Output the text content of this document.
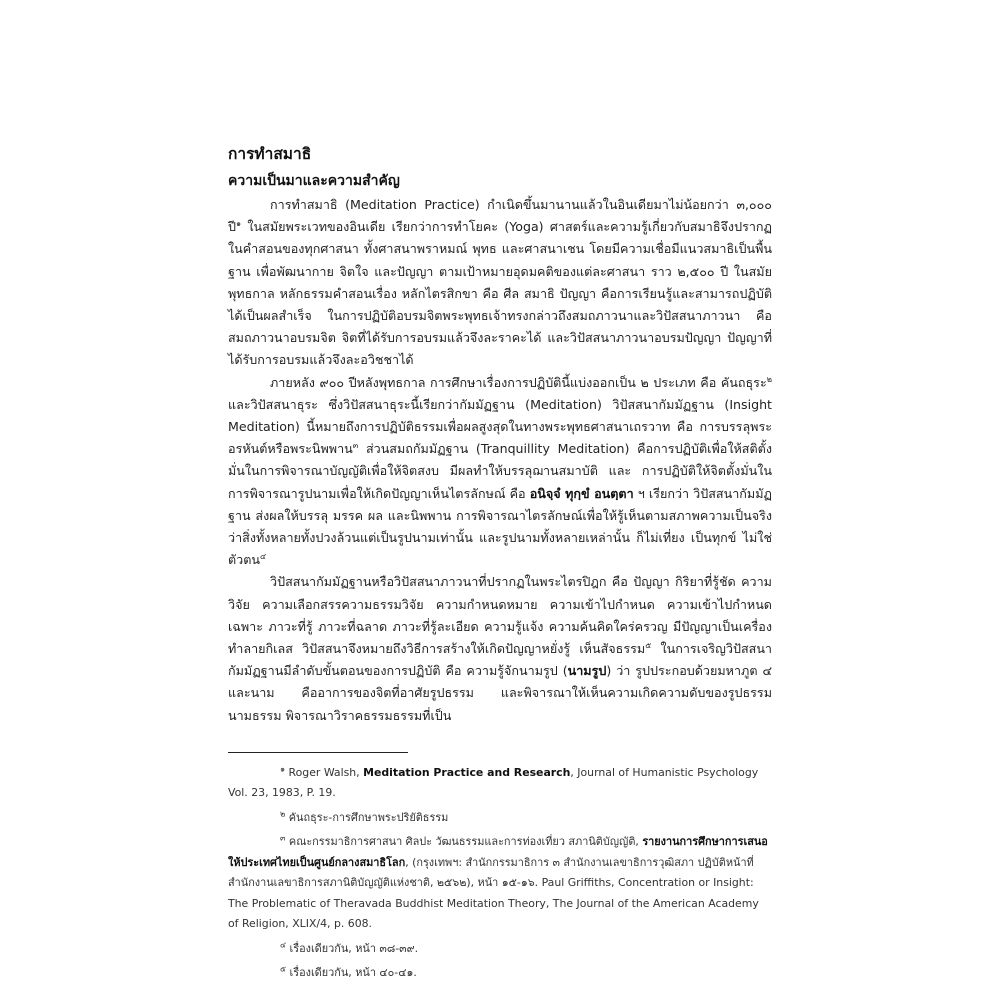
การทำสมาธิ
ความเป็นมาและความสำคัญ

การทำสมาธิ (Meditation Practice) กำเนิดขึ้นมานานแล้วในอินเดียมาไม่น้อยกว่า ๓,๐๐๐ ปี$^๑$ ในสมัยพระเวทของอินเดีย เรียกว่าการทำโยคะ (Yoga) ศาสตร์และความรู้เกี่ยวกับสมาธิจึงปรากฏในคำสอนของทุกศาสนา ทั้งศาสนาพราหมณ์ พุทธ และศาสนาเชน โดยมีความเชื่อมีแนวสมาธิเป็นพื้นฐาน เพื่อพัฒนากาย จิตใจ และปัญญา ตามเป้าหมายอุดมคติของแต่ละศาสนา ราว ๒,๕๐๐ ปี ในสมัยพุทธกาล หลักธรรมคำสอนเรื่อง หลักไตรสิกขา คือ ศีล สมาธิ ปัญญา คือการเรียนรู้และสามารถปฏิบัติได้เป็นผลสำเร็จ ในการปฏิบัติอบรมจิตพระพุทธเจ้าทรงกล่าวถึงสมถภาวนาและวิปัสสนาภาวนา คือ สมถภาวนาอบรมจิต จิตที่ได้รับการอบรมแล้วจึงละราคะได้ และวิปัสสนาภาวนาอบรมปัญญา ปัญญาที่ได้รับการอบรมแล้วจึงละอวิชชาได้

ภายหลัง ๙๐๐ ปีหลังพุทธกาล การศึกษาเรื่องการปฏิบัตินี้แบ่งออกเป็น ๒ ประเภท คือ คันถธุระ$^๒$ และวิปัสสนาธุระ ซึ่งวิปัสสนาธุระนี้เรียกว่ากัมมัฏฐาน (Meditation) วิปัสสนากัมมัฏฐาน (Insight Meditation) นี้หมายถึงการปฏิบัติธรรมเพื่อผลสูงสุดในทางพระพุทธศาสนาเถรวาท คือ การบรรลุพระอรหันต์หรือพระนิพพาน$^๓$ ส่วนสมถกัมมัฏฐาน (Tranquillity Meditation) คือการปฏิบัติเพื่อให้สติตั้งมั่นในการพิจารณาบัญญัติเพื่อให้จิตสงบ มีผลทำให้บรรลุฌานสมาบัติ และ การปฏิบัติให้จิตตั้งมั่นในการพิจารณารูปนามเพื่อให้เกิดปัญญาเห็นไตรลักษณ์ คือ อนิจฺจํ ทุกฺขํ อนตฺตา ฯ เรียกว่า วิปัสสนากัมมัฏฐาน ส่งผลให้บรรลุ มรรค ผล และนิพพาน การพิจารณาไตรลักษณ์เพื่อให้รู้เห็นตามสภาพความเป็นจริงว่าสิ่งทั้งหลายทั้งปวงล้วนแต่เป็นรูปนามเท่านั้น และรูปนามทั้งหลายเหล่านั้น ก็ไม่เที่ยง เป็นทุกข์ ไม่ใช่ตัวตน$^๔$

วิปัสสนากัมมัฏฐานหรือวิปัสสนาภาวนาที่ปรากฏในพระไตรปิฎก คือ ปัญญา กิริยาที่รู้ชัด ความวิจัย ความเลือกสรรความธรรมวิจัย ความกำหนดหมาย ความเข้าไปกำหนด ความเข้าไปกำหนดเฉพาะ ภาวะที่รู้ ภาวะที่ฉลาด ภาวะที่รู้ละเอียด ความรู้แจ้ง ความค้นคิดใคร่ครวญ มีปัญญาเป็นเครื่องทำลายกิเลส วิปัสสนาจึงหมายถึงวิธีการสร้างให้เกิดปัญญาหยั่งรู้ เห็นสัจธรรม$^๕$ ในการเจริญวิปัสสนากัมมัฏฐานมีลำดับขั้นตอนของการปฏิบัติ คือ ความรู้จักนามรูป (นามรูป) ว่า รูปประกอบด้วยมหาภูต ๔ และนาม คืออาการของจิตที่อาศัยรูปธรรม และพิจารณาให้เห็นความเกิดความดับของรูปธรรมนามธรรม พิจารณาวิราคธรรมธรรมที่เป็น

$^๑$ Roger Walsh, Meditation Practice and Research, Journal of Humanistic Psychology Vol. 23, 1983, P. 19.
$^๒$ คันถธุระ-การศึกษาพระปริยัติธรรม
$^๓$ คณะกรรมาธิการศาสนา ศิลปะ วัฒนธรรมและการท่องเที่ยว สภานิติบัญญัติ, รายงานการศึกษาการเสนอให้ประเทศไทยเป็นศูนย์กลางสมาธิโลก, (กรุงเทพฯ: สำนักกรรมาธิการ ๓ สำนักงานเลขาธิการวุฒิสภา ปฏิบัติหน้าที่สำนักงานเลขาธิการสภานิติบัญญัติแห่งชาติ, ๒๕๖๒), หน้า ๑๕-๑๖. Paul Griffiths, Concentration or Insight: The Problematic of Theravada Buddhist Meditation Theory, The Journal of the American Academy of Religion, XLIX/4, p. 608.
$^๔$ เรื่องเดียวกัน, หน้า ๓๘-๓๙.
$^๕$ เรื่องเดียวกัน, หน้า ๔๐-๔๑.
